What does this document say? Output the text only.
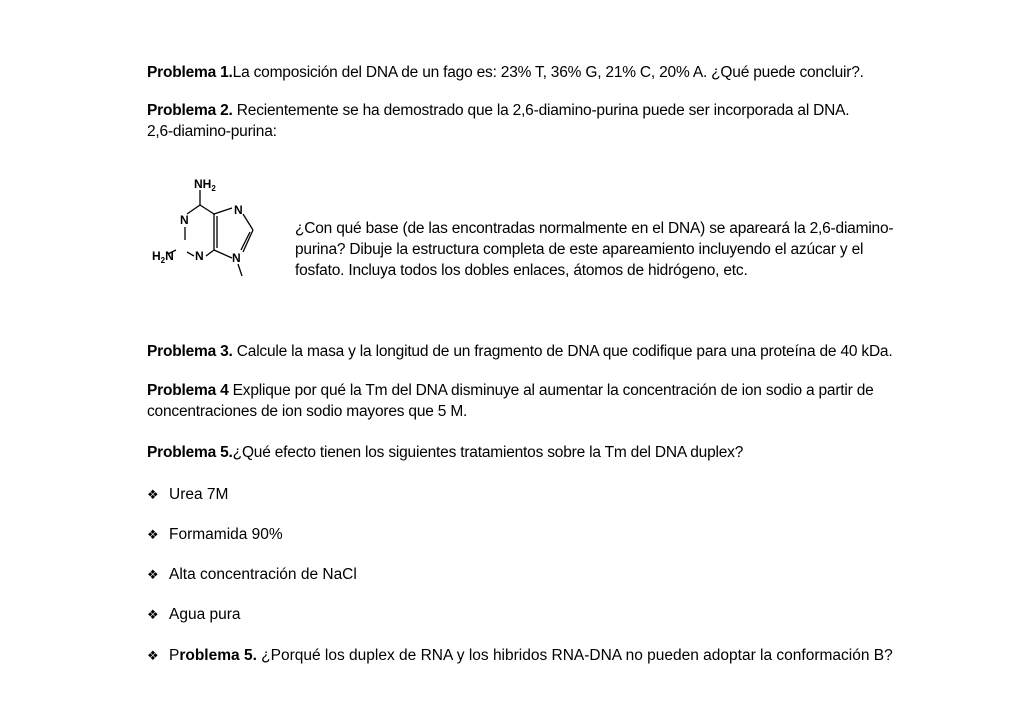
Problema 1.La composición del DNA de un fago es: 23% T, 36% G, 21% C, 20% A. ¿Qué puede concluir?.
Problema 2. Recientemente se ha demostrado que la 2,6-diamino-purina puede ser incorporada al DNA.
2,6-diamino-purina:
$NH_2$
N
N
N
N
$H_2N$
¿Con qué base (de las encontradas normalmente en el DNA) se apareará la 2,6-diamino-
purina? Dibuje la estructura completa de este apareamiento incluyendo el azúcar y el
fosfato. Incluya todos los dobles enlaces, átomos de hidrógeno, etc.
Problema 3. Calcule la masa y la longitud de un fragmento de DNA que codifique para una proteína de 40 kDa.
Problema 4 Explique por qué la Tm del DNA disminuye al aumentar la concentración de ion sodio a partir de
concentraciones de ion sodio mayores que 5 M.
Problema 5.¿Qué efecto tienen los siguientes tratamientos sobre la Tm del DNA duplex?
❖ Urea 7M
❖ Formamida 90%
❖ Alta concentración de NaCl
❖ Agua pura
❖ Problema 5. ¿Porqué los duplex de RNA y los hibridos RNA-DNA no pueden adoptar la conformación B?
